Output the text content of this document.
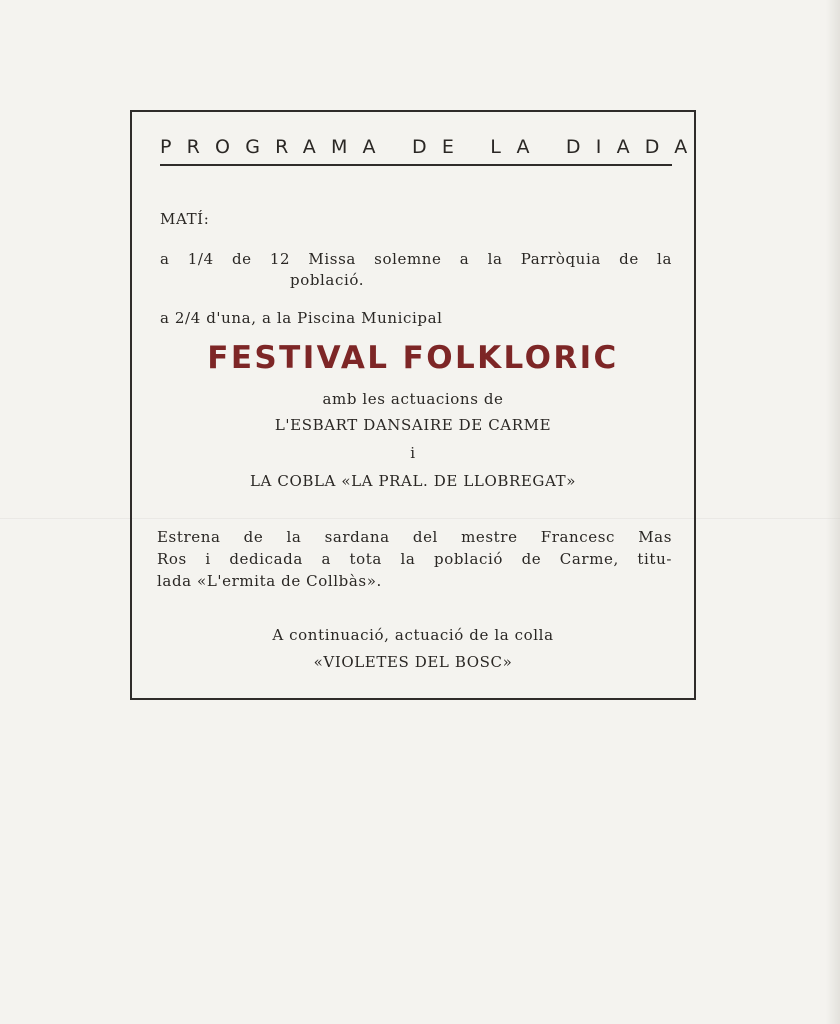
PROGRAMA DE LA DIADA
MATÍ:
a 1/4 de 12 Missa solemne a la Parròquia de la
població.
a 2/4 d'una, a la Piscina Municipal
FESTIVAL FOLKLORIC
amb les actuacions de
L'ESBART DANSAIRE DE CARME
i
LA COBLA «LA PRAL. DE LLOBREGAT»
Estrena de la sardana del mestre Francesc Mas
Ros i dedicada a tota la població de Carme, titu-
lada «L'ermita de Collbàs».
A continuació, actuació de la colla
«VIOLETES DEL BOSC»
